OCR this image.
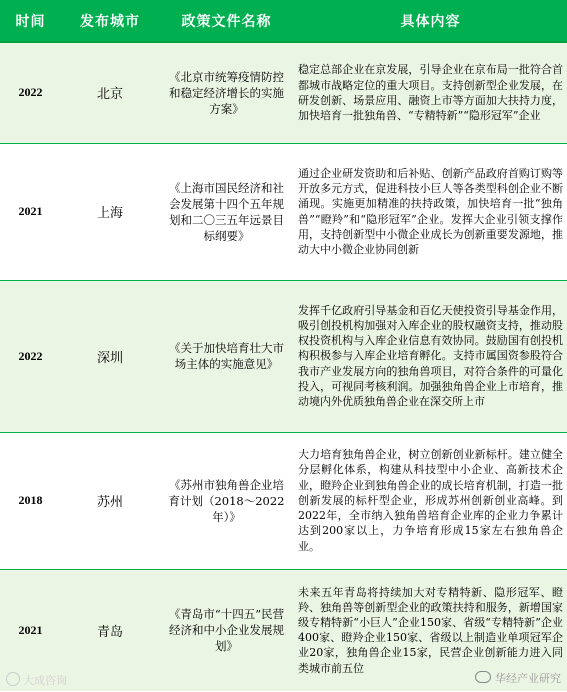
时间	发布城市	政策文件名称	具体内容
2022	北京	《北京市统筹疫情防控和稳定经济增长的实施方案》	稳定总部企业在京发展，引导企业在京布局一批符合首都城市战略定位的重大项目。支持创新型企业发展，在研发创新、场景应用、融资上市等方面加大扶持力度，加快培育一批独角兽、“专精特新”“隐形冠军”企业
2021	上海	《上海市国民经济和社会发展第十四个五年规划和二〇三五年远景目标纲要》	通过企业研发资助和后补贴、创新产品政府首购订购等开放多元方式，促进科技小巨人等各类型科创企业不断涌现。实施更加精准的扶持政策，加快培育一批“独角兽”“瞪羚”和“隐形冠军”企业。发挥大企业引领支撑作用，支持创新型中小微企业成长为创新重要发源地，推动大中小微企业协同创新
2022	深圳	《关于加快培育壮大市场主体的实施意见》	发挥千亿政府引导基金和百亿天使投资引导基金作用，吸引创投机构加强对入库企业的股权融资支持，推动股权投资机构与入库企业信息有效协同。鼓励国有创投机构积极参与入库企业培育孵化。支持市属国资参股符合我市产业发展方向的独角兽项目，对符合条件的可量化投入，可视同考核利润。加强独角兽企业上市培育，推动境内外优质独角兽企业在深交所上市
2018	苏州	《苏州市独角兽企业培育计划（2018〜2022年）》	大力培育独角兽企业，树立创新创业新标杆。建立健全分层孵化体系，构建从科技型中小企业、高新技术企业，瞪羚企业到独角兽企业的成长培育机制，打造一批创新发展的标杆型企业，形成苏州创新创业高峰。到2022年，全市纳入独角兽培育企业库的企业力争累计达到200家以上，力争培育形成15家左右独角兽企业。
2021	青岛	《青岛市“十四五”民营经济和中小企业发展规划》	未来五年青岛将持续加大对专精特新、隐形冠军、瞪羚、独角兽等创新型企业的政策扶持和服务，新增国家级专精特新“小巨人”企业150家、省级“专精特新”企业400家、瞪羚企业150家、省级以上制造业单项冠军企业20家，独角兽企业15家，民营企业创新能力进入同类城市前五位
大成咨询	华经产业研究
